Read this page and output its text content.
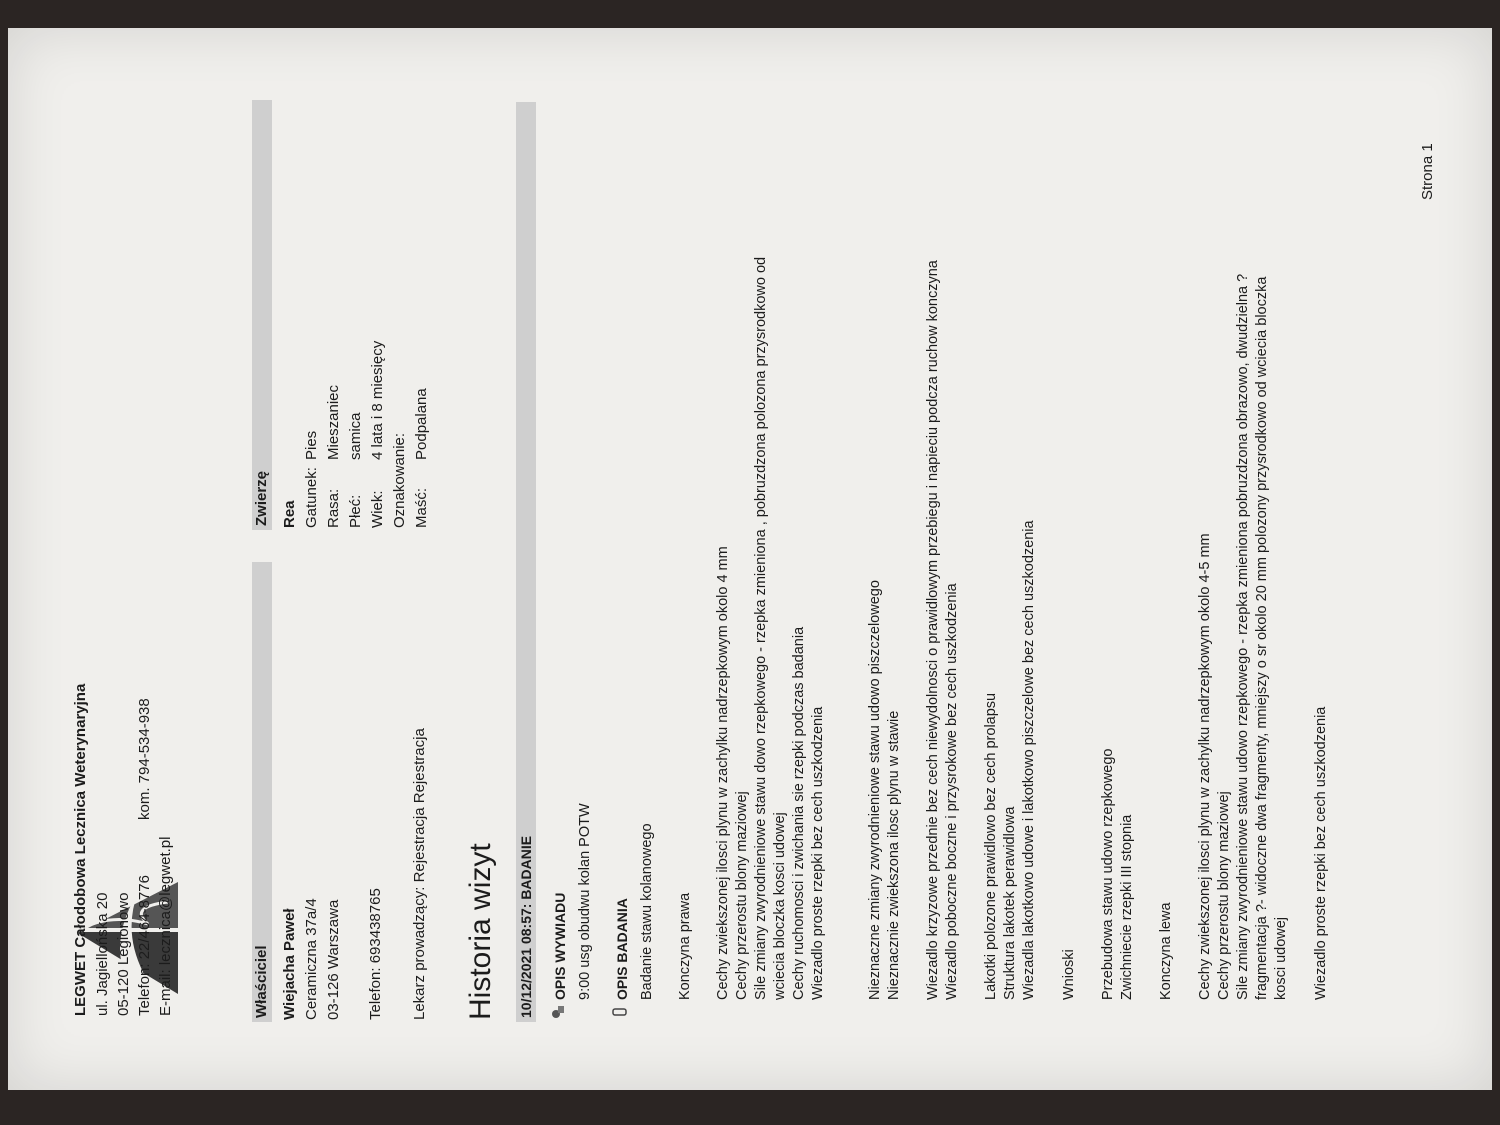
LEGWET Całodobowa Lecznica Weterynaryjna ul. Jagiellońska 20 05-120 Legionowo Telefon: 22/464-8776
kom. 794-534-938
E-mail: lecznica@legwet.pl	Właściciel Wiejacha Paweł Ceramiczna 37a/4 03-126 Warszawa Telefon: 693438765 Lekarz prowadzący: Rejestracja Rejestracja
Zwierzę Rea Gatunek:Pies
Rasa:Mieszaniec
Płeć:samica
Wiek:4 lata i 8 miesięcy
Oznakowanie: Maść:Podpalana
Historia wizyt 10/12/2021 08:57: BADANIE OPIS WYWIADU 9:00 usg obudwu kolan POTW OPIS BADANIA Badanie stawu kolanowego Konczyna prawa Cechy zwiekszonej ilosci plynu w zachylku nadrzepkowym okolo 4 mm Cechy przerostu blony maziowej Sile zmiany zwyrodnieniowe stawu dowo rzepkowego - rzepka zmieniona , pobruzdzona polozona przysrodkowo od wciecia bloczka kosci udowej Cechy ruchomosci i zwichania sie rzepki podczas badania Wiezadlo proste rzepki bez cech uszkodzenia	Nieznaczne zmiany zwyrodnieniowe stawu udowo piszczelowego Nieznacznie zwiekszona ilosc plynu w stawie Wiezadlo krzyzowe przednie bez cech niewydolnosci o prawidlowym przebiegu i napieciu podcza ruchow konczyna Wiezadlo poboczne boczne i przysrokowe bez cech uszkodzenia Lakotki polozone prawidlowo bez cech prolapsu Struktura lakotek perawidlowa Wiezadla lakotkowo udowe i lakotkowo piszczelowe bez cech uszkodzenia Wnioski Przebudowa stawu udowo rzepkowego Zwichniecie rzepki III stopnia Konczyna lewa Cechy zwiekszonej ilosci plynu w zachylku nadrzepkowym okolo 4-5 mm Cechy przerostu blony maziowej Sile zmiany zwyrodnieniowe stawu udowo rzepkowego - rzepka zmieniona pobruzdzona obrazowo, dwudzielna ? fragmentacja ?- widoczne dwa fragmenty, mniejszy o sr okolo 20 mm polozony przysrodkowo od wciecia bloczka kosci udowej Wiezadlo proste rzepki bez cech uszkodzenia
Strona 1
